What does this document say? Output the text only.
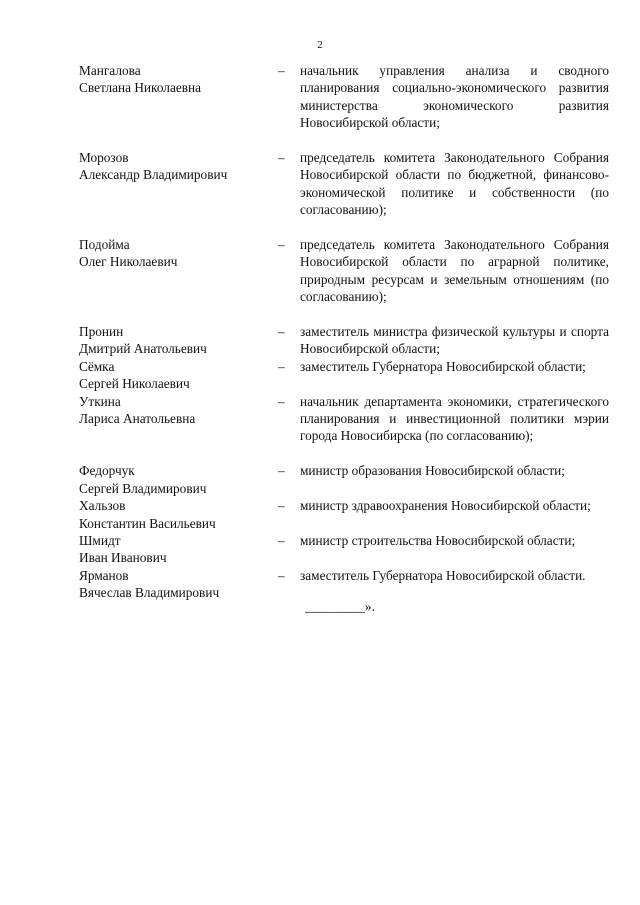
2
Мангалова
Светлана Николаевна
–	начальник управления анализа и сводного планирования социально-экономического развития министерства экономического развития Новосибирской области;
Морозов
Александр Владимирович
–	председатель комитета Законодательного Собрания Новосибирской области по бюджетной, финансово-экономической политике и собственности (по согласованию);
Подойма
Олег Николаевич
–	председатель комитета Законодательного Собрания Новосибирской области по аграрной политике, природным ресурсам и земельным отношениям (по согласованию);
Пронин
Дмитрий Анатольевич
–	заместитель министра физической культуры и спорта Новосибирской области;
Сёмка
Сергей Николаевич
–	заместитель Губернатора Новосибирской области;
Уткина
Лариса Анатольевна
–	начальник департамента экономики, стратегического планирования и инвестиционной политики мэрии города Новосибирска (по согласованию);
Федорчук
Сергей Владимирович
–	министр образования Новосибирской области;
Хальзов
Константин Васильевич
–	министр здравоохранения Новосибирской области;
Шмидт
Иван Иванович
–	министр строительства Новосибирской области;
Ярманов
Вячеслав Владимирович
–	заместитель Губернатора Новосибирской области.
_________».
